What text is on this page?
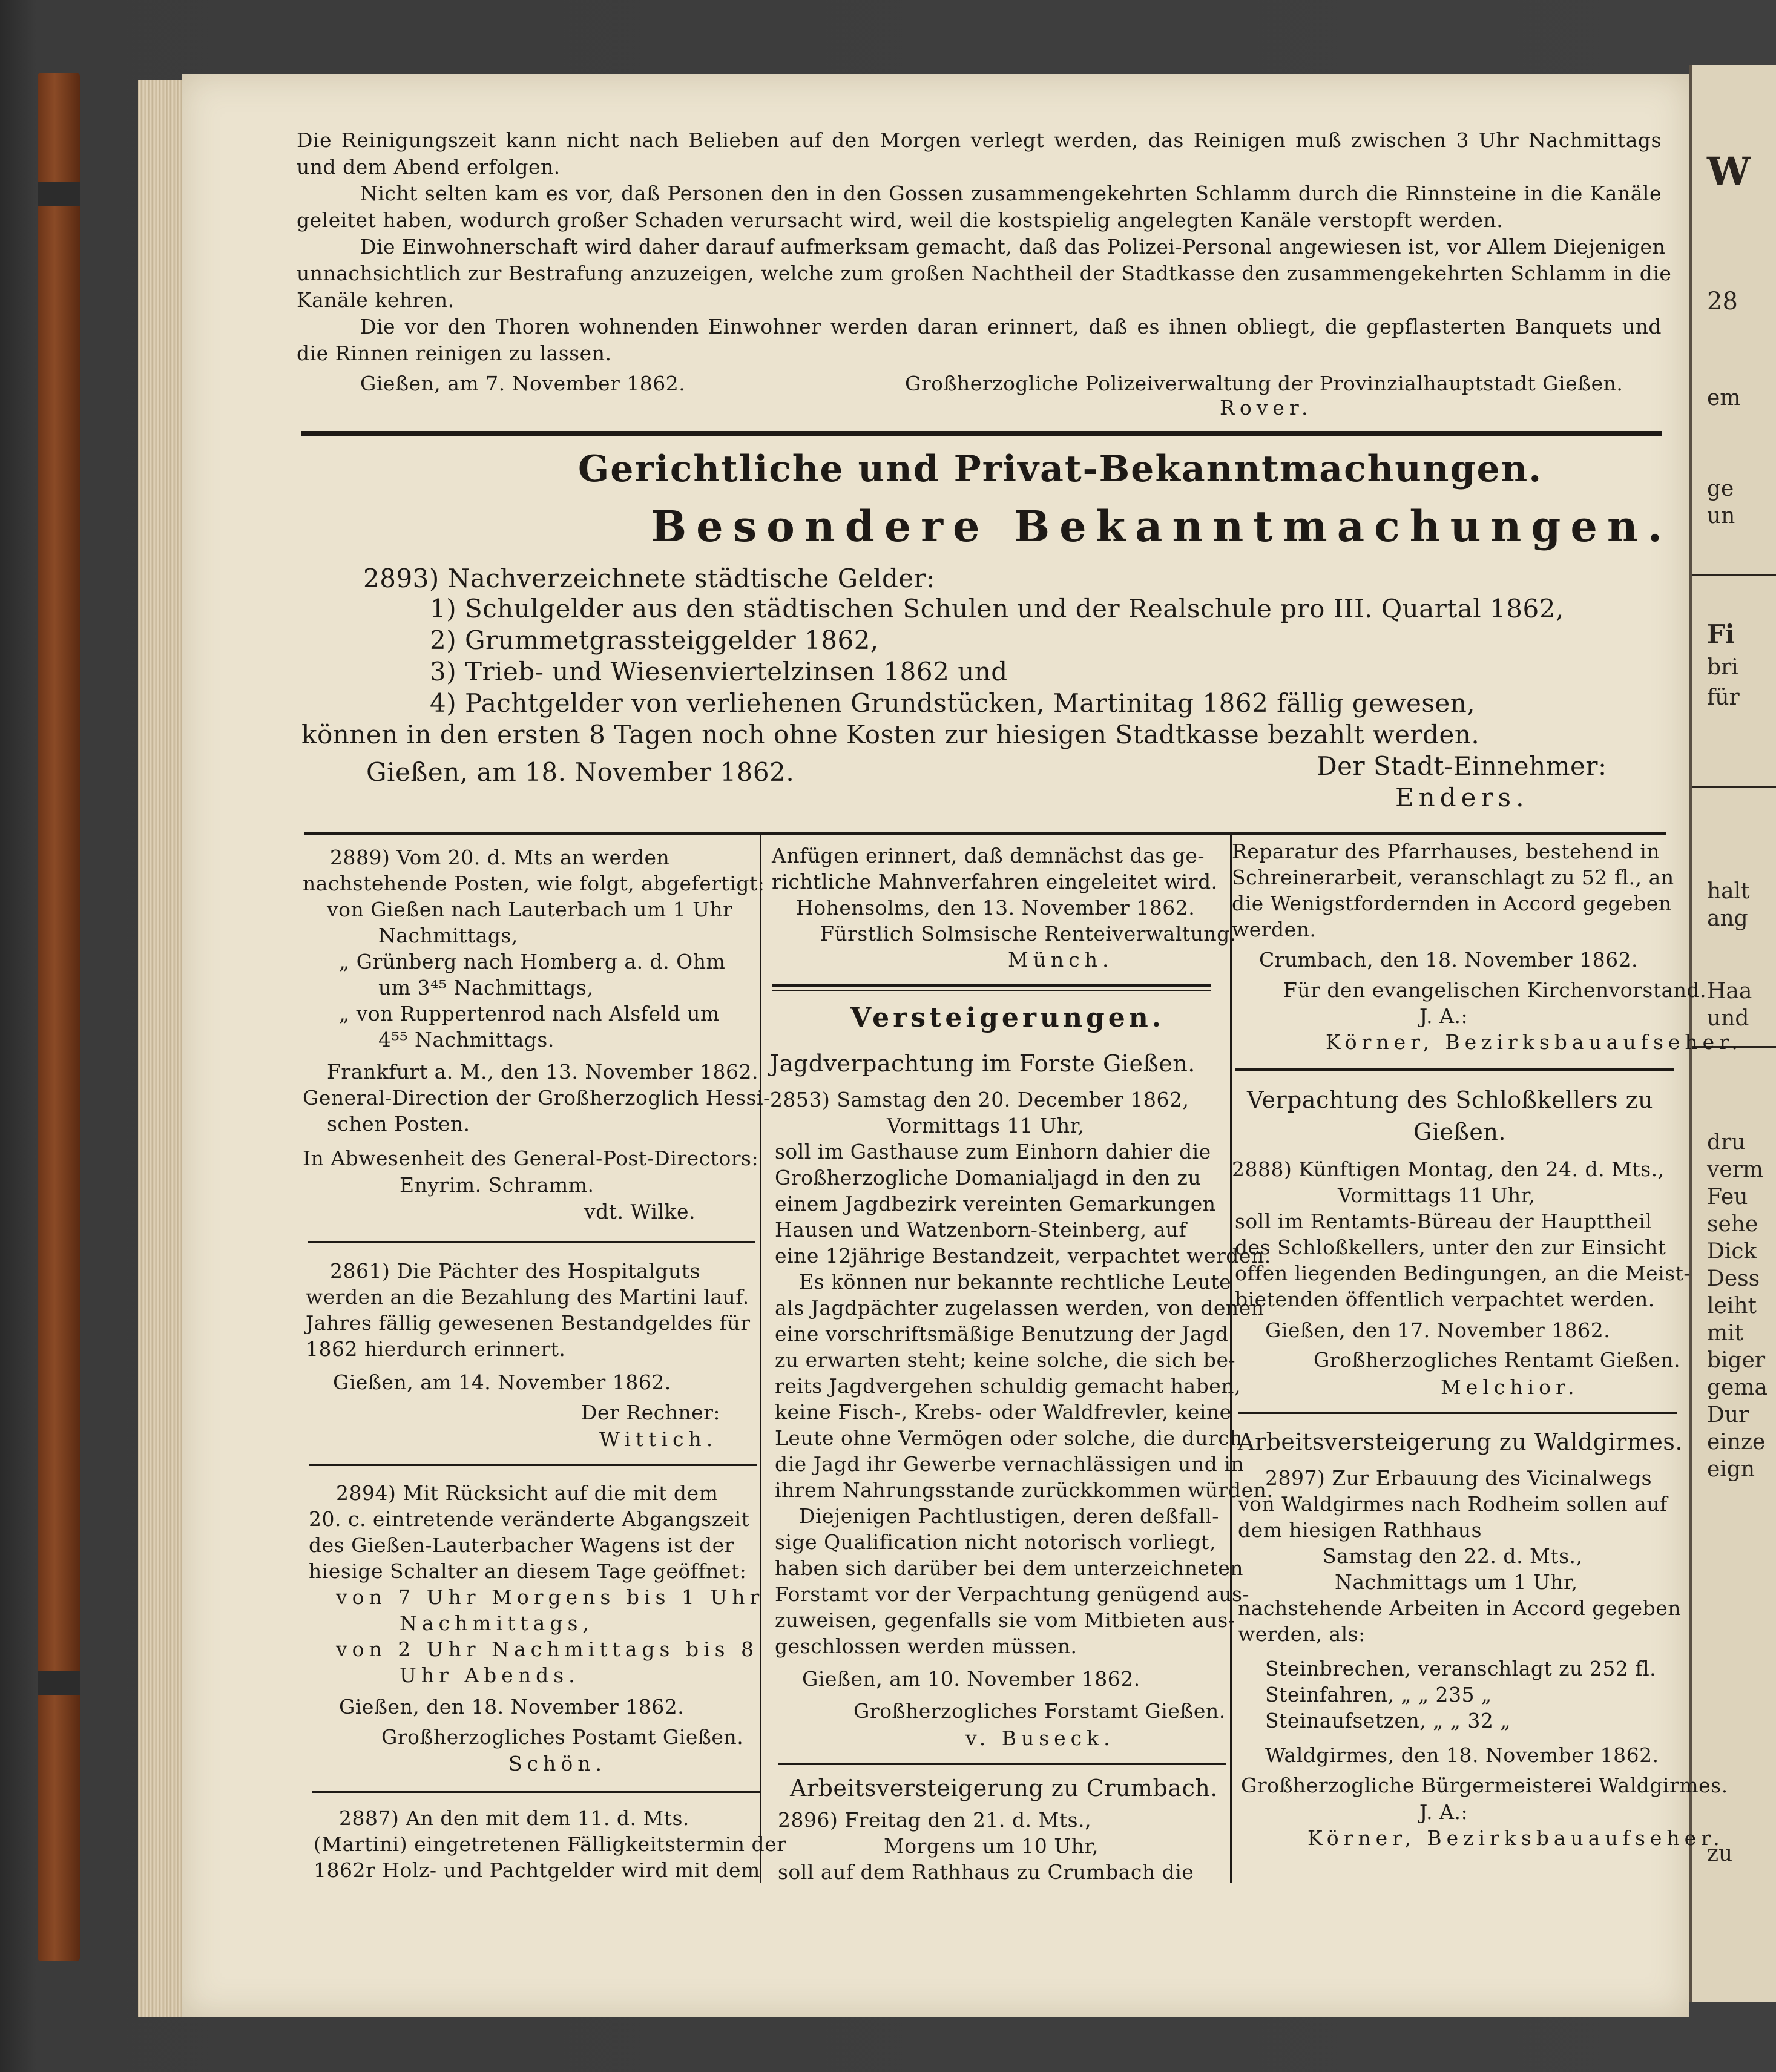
W
28
em
ge
un
Fi
bri
für
halt
ang
Haa
und
dru
verm
Feu
sehe
Dick
Dess
leiht
mit
biger
gema
Dur
einze
eign
zu
Die Reinigungszeit kann nicht nach Belieben auf den Morgen verlegt werden, das Reinigen muß zwischen 3 Uhr Nachmittags
und dem Abend erfolgen.
Nicht selten kam es vor, daß Personen den in den Gossen zusammengekehrten Schlamm durch die Rinnsteine in die Kanäle
geleitet haben, wodurch großer Schaden verursacht wird, weil die kostspielig angelegten Kanäle verstopft werden.
Die Einwohnerschaft wird daher darauf aufmerksam gemacht, daß das Polizei-Personal angewiesen ist, vor Allem Diejenigen
unnachsichtlich zur Bestrafung anzuzeigen, welche zum großen Nachtheil der Stadtkasse den zusammengekehrten Schlamm in die
Kanäle kehren.
Die vor den Thoren wohnenden Einwohner werden daran erinnert, daß es ihnen obliegt, die gepflasterten Banquets und
die Rinnen reinigen zu lassen.
Gießen, am 7. November 1862.	Großherzogliche Polizeiverwaltung der Provinzialhauptstadt Gießen.
Rover.
Gerichtliche und Privat-Bekanntmachungen.
Besondere Bekanntmachungen.
2893) Nachverzeichnete städtische Gelder:
1) Schulgelder aus den städtischen Schulen und der Realschule pro III. Quartal 1862,
2) Grummetgrassteiggelder 1862,
3) Trieb- und Wiesenviertelzinsen 1862 und
4) Pachtgelder von verliehenen Grundstücken, Martinitag 1862 fällig gewesen,
können in den ersten 8 Tagen noch ohne Kosten zur hiesigen Stadtkasse bezahlt werden.
Gießen, am 18. November 1862.	Der Stadt-Einnehmer:
Enders.
2889) Vom 20. d. Mts an werden
nachstehende Posten, wie folgt, abgefertigt:
von Gießen nach Lauterbach um 1 Uhr
Nachmittags,
„ Grünberg nach Homberg a. d. Ohm
um 3⁴⁵ Nachmittags,
„ von Ruppertenrod nach Alsfeld um
4⁵⁵ Nachmittags.
Frankfurt a. M., den 13. November 1862.
General-Direction der Großherzoglich Hessi-
schen Posten.
In Abwesenheit des General-Post-Directors:
Enyrim. Schramm.
vdt. Wilke.
2861) Die Pächter des Hospitalguts
werden an die Bezahlung des Martini lauf.
Jahres fällig gewesenen Bestandgeldes für
1862 hierdurch erinnert.
Gießen, am 14. November 1862.
Der Rechner:
Wittich.
2894) Mit Rücksicht auf die mit dem
20. c. eintretende veränderte Abgangszeit
des Gießen-Lauterbacher Wagens ist der
hiesige Schalter an diesem Tage geöffnet:
von 7 Uhr Morgens bis 1 Uhr
Nachmittags,
von 2 Uhr Nachmittags bis 8
Uhr Abends.
Gießen, den 18. November 1862.
Großherzogliches Postamt Gießen.
Schön.
2887) An den mit dem 11. d. Mts.
(Martini) eingetretenen Fälligkeitstermin der
1862r Holz- und Pachtgelder wird mit dem
Anfügen erinnert, daß demnächst das ge-
richtliche Mahnverfahren eingeleitet wird.
Hohensolms, den 13. November 1862.
Fürstlich Solmsische Renteiverwaltung.
Münch.
Versteigerungen.
Jagdverpachtung im Forste Gießen.
2853) Samstag den 20. December 1862,
Vormittags 11 Uhr,
soll im Gasthause zum Einhorn dahier die
Großherzogliche Domanialjagd in den zu
einem Jagdbezirk vereinten Gemarkungen
Hausen und Watzenborn-Steinberg, auf
eine 12jährige Bestandzeit, verpachtet werden.
Es können nur bekannte rechtliche Leute
als Jagdpächter zugelassen werden, von denen
eine vorschriftsmäßige Benutzung der Jagd
zu erwarten steht; keine solche, die sich be-
reits Jagdvergehen schuldig gemacht haben,
keine Fisch-, Krebs- oder Waldfrevler, keine
Leute ohne Vermögen oder solche, die durch
die Jagd ihr Gewerbe vernachlässigen und in
ihrem Nahrungsstande zurückkommen würden.
Diejenigen Pachtlustigen, deren deßfall-
sige Qualification nicht notorisch vorliegt,
haben sich darüber bei dem unterzeichneten
Forstamt vor der Verpachtung genügend aus-
zuweisen, gegenfalls sie vom Mitbieten aus-
geschlossen werden müssen.
Gießen, am 10. November 1862.
Großherzogliches Forstamt Gießen.
v. Buseck.
Arbeitsversteigerung zu Crumbach.
2896) Freitag den 21. d. Mts.,
Morgens um 10 Uhr,
soll auf dem Rathhaus zu Crumbach die
Reparatur des Pfarrhauses, bestehend in
Schreinerarbeit, veranschlagt zu 52 fl., an
die Wenigstfordernden in Accord gegeben
werden.
Crumbach, den 18. November 1862.
Für den evangelischen Kirchenvorstand.
J. A.:
Körner, Bezirksbauaufseher.
Verpachtung des Schloßkellers zu
Gießen.
2888) Künftigen Montag, den 24. d. Mts.,
Vormittags 11 Uhr,
soll im Rentamts-Büreau der Haupttheil
des Schloßkellers, unter den zur Einsicht
offen liegenden Bedingungen, an die Meist-
bietenden öffentlich verpachtet werden.
Gießen, den 17. November 1862.
Großherzogliches Rentamt Gießen.
Melchior.
Arbeitsversteigerung zu Waldgirmes.
2897) Zur Erbauung des Vicinalwegs
von Waldgirmes nach Rodheim sollen auf
dem hiesigen Rathhaus
Samstag den 22. d. Mts.,
Nachmittags um 1 Uhr,
nachstehende Arbeiten in Accord gegeben
werden, als:
Steinbrechen, veranschlagt zu 252 fl.
Steinfahren, „ „ 235 „
Steinaufsetzen, „ „ 32 „
Waldgirmes, den 18. November 1862.
Großherzogliche Bürgermeisterei Waldgirmes.
J. A.:
Körner, Bezirksbauaufseher.
